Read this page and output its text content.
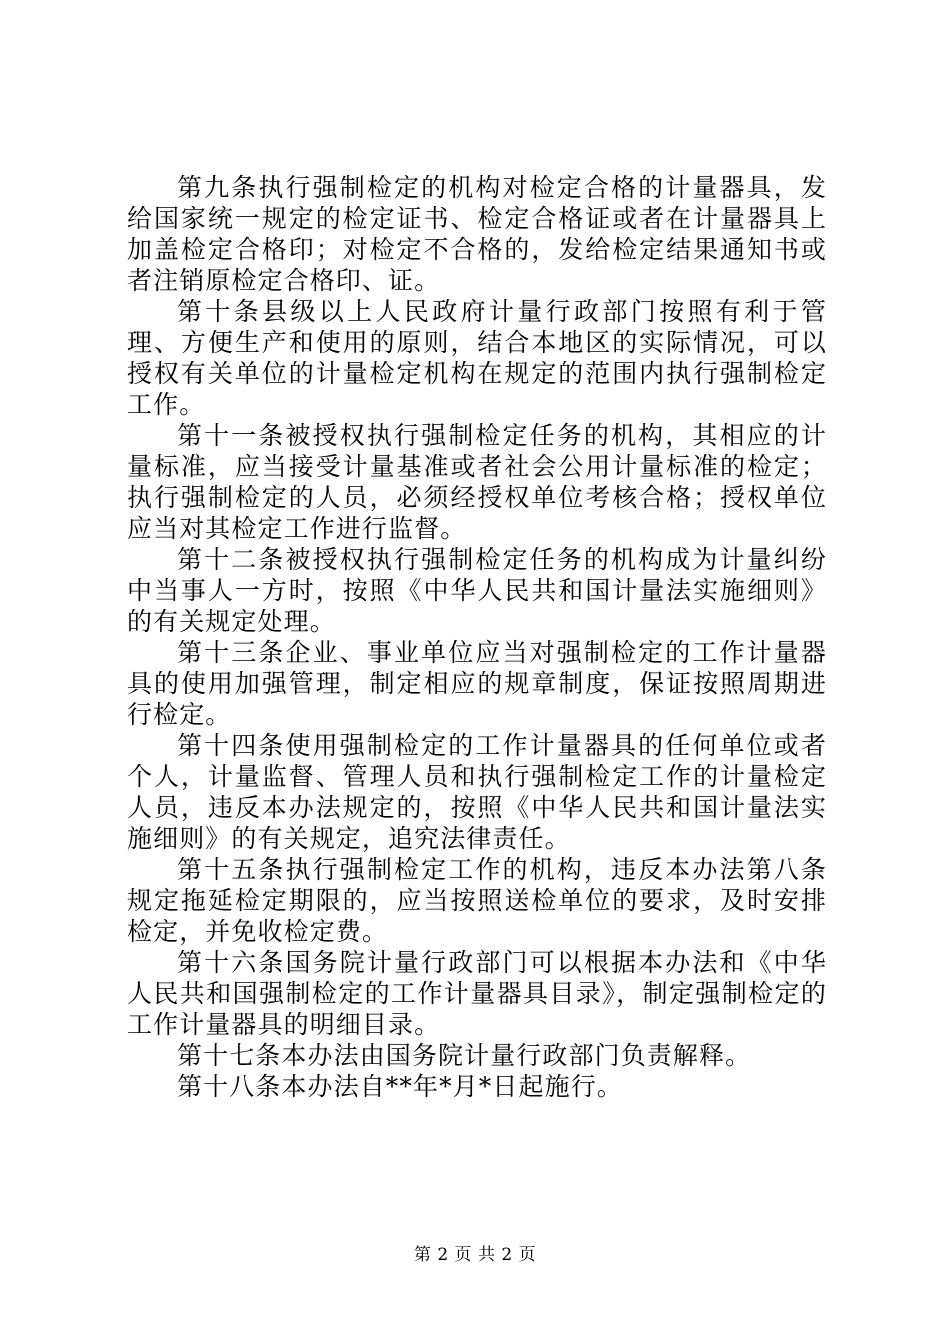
第九条执行强制检定的机构对检定合格的计量器具，发给国家统一规定的检定证书、检定合格证或者在计量器具上加盖检定合格印；对检定不合格的，发给检定结果通知书或者注销原检定合格印、证。

第十条县级以上人民政府计量行政部门按照有利于管理、方便生产和使用的原则，结合本地区的实际情况，可以授权有关单位的计量检定机构在规定的范围内执行强制检定工作。

第十一条被授权执行强制检定任务的机构，其相应的计量标准，应当接受计量基准或者社会公用计量标准的检定；执行强制检定的人员，必须经授权单位考核合格；授权单位应当对其检定工作进行监督。

第十二条被授权执行强制检定任务的机构成为计量纠纷中当事人一方时，按照《中华人民共和国计量法实施细则》的有关规定处理。

第十三条企业、事业单位应当对强制检定的工作计量器具的使用加强管理，制定相应的规章制度，保证按照周期进行检定。

第十四条使用强制检定的工作计量器具的任何单位或者个人，计量监督、管理人员和执行强制检定工作的计量检定人员，违反本办法规定的，按照《中华人民共和国计量法实施细则》的有关规定，追究法律责任。

第十五条执行强制检定工作的机构，违反本办法第八条规定拖延检定期限的，应当按照送检单位的要求，及时安排检定，并免收检定费。

第十六条国务院计量行政部门可以根据本办法和《中华人民共和国强制检定的工作计量器具目录》，制定强制检定的工作计量器具的明细目录。

第十七条本办法由国务院计量行政部门负责解释。

第十八条本办法自**年*月*日起施行。

第 2 页 共 2 页
